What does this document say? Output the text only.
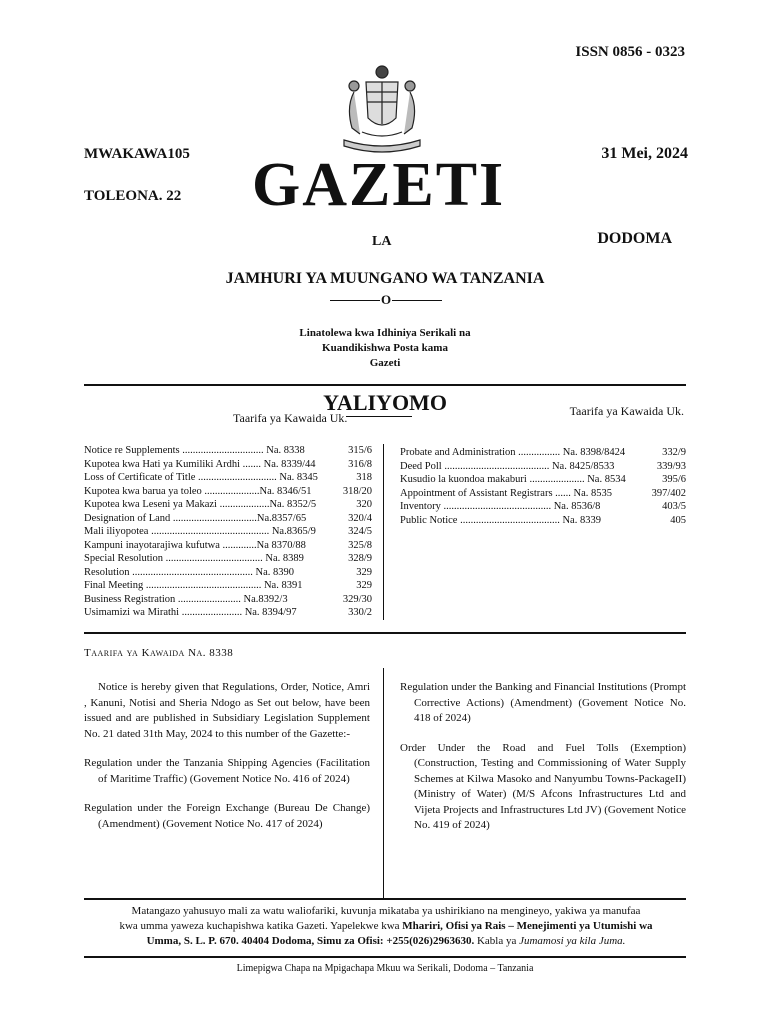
ISSN 0856 - 0323
MWAKAWA105	31 Mei, 2024
TOLEONA. 22 GAZETI
LA	DODOMA
JAMHURI YA MUUNGANO WA TANZANIA
O
Linatolewa kwa Idhiniya Serikali na
Kuandikishwa Posta kama
Gazeti
YALIYOMO
Taarifa ya Kawaida Uk.	Taarifa ya Kawaida Uk.
Notice re Supplements ............................... Na. 8338	315/6
Kupotea kwa Hati ya Kumiliki Ardhi ....... Na. 8339/44	316/8
Loss of Certificate of Title .............................. Na. 8345	318
Kupotea kwa barua ya toleo .....................Na. 8346/51	318/20
Kupotea kwa Leseni ya Makazi ...................Na. 8352/5	320
Designation of Land ................................Na.8357/65	320/4
Mali iliyopotea ............................................. Na.8365/9	324/5
Kampuni inayotarajiwa kufutwa .............Na 8370/88	325/8
Special Resolution ..................................... Na. 8389	328/9
Resolution .............................................. Na. 8390	329
Final Meeting ............................................ Na. 8391	329
Business Registration ........................ Na.8392/3	329/30
Usimamizi wa Mirathi ....................... Na. 8394/97	330/2
Probate and Administration ................ Na. 8398/8424	332/9
Deed Poll ........................................ Na. 8425/8533	339/93
Kusudio la kuondoa makaburi ..................... Na. 8534	395/6
Appointment of Assistant Registrars ...... Na. 8535	397/402
Inventory ......................................... Na. 8536/8	403/5
Public Notice ...................................... Na. 8339	405
Taarifa ya Kawaida Na. 8338

Notice is hereby given that Regulations, Order, Notice, Amri , Kanuni, Notisi and Sheria Ndogo as Set out below, have been issued and are published in Subsidiary Legislation Supplement No. 21 dated 31th May, 2024 to this number of the Gazette:-

Regulation under the Tanzania Shipping Agencies (Facilitation of Maritime Traffic) (Govement Notice No. 416 of 2024)

Regulation under the Foreign Exchange (Bureau De Change) (Amendment) (Govement Notice No. 417 of 2024)

Regulation under the Banking and Financial Institutions (Prompt Corrective Actions) (Amendment) (Govement Notice No. 418 of 2024)

Order Under the Road and Fuel Tolls (Exemption) (Construction, Testing and Commissioning of Water Supply Schemes at Kilwa Masoko and Nanyumbu Towns-PackageII) (Ministry of Water) (M/S Afcons Infrastructures Ltd and Vijeta Projects and Infrastructures Ltd JV) (Govement Notice No. 419 of 2024)

Matangazo yahusuyo mali za watu waliofariki, kuvunja mikataba ya ushirikiano na mengineyo, yakiwa ya manufaa
kwa umma yaweza kuchapishwa katika Gazeti. Yapelekwe kwa Mhariri, Ofisi ya Rais – Menejimenti ya Utumishi wa
Umma, S. L. P. 670. 40404 Dodoma, Simu za Ofisi: +255(026)2963630. Kabla ya Jumamosi ya kila Juma.
Limepigwa Chapa na Mpigachapa Mkuu wa Serikali, Dodoma – Tanzania
